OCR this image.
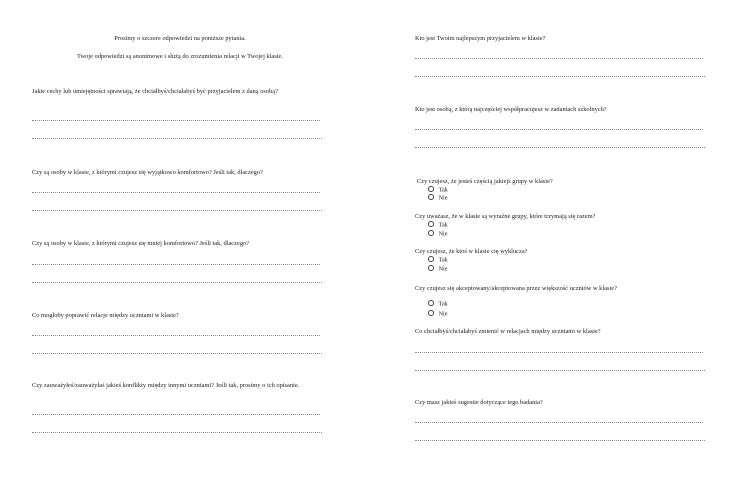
Prosimy o szczere odpowiedzi na poniższe pytania.
Twoje odpowiedzi są anonimowe i służą do zrozumienia relacji w Twojej klasie.
Jakie cechy lub umiejętności sprawiają, że chciałbyś/chciałabyś być przyjacielem z daną osobą?
Czy są osoby w klasie, z którymi czujesz się wyjątkowo komfortowo? Jeśli tak, dlaczego?
Czy są osoby w klasie, z którymi czujesz się mniej komfortowo? Jeśli tak, dlaczego?
Co mogłoby poprawić relacje między uczniami w klasie?
Czy zauważyłeś/zauważyłaś jakieś konflikty między innymi uczniami? Jeśli tak, prosimy o ich opisanie.
Kto jest Twoim najlepszym przyjacielem w klasie?
Kto jest osobą, z którą najczęściej współpracujesz w zadaniach szkolnych?
Czy czujesz, że jesteś częścią jakiejś grupy w klasie?
Tak
Nie
Czy uważasz, że w klasie są wyraźne grupy, które trzymają się razem?
Tak
Nie
Czy czujesz, że ktoś w klasie cię wyklucza?
Tak
Nie
Czy czujesz się akceptowany/akceptowana przez większość uczniów w klasie?
Tak
Nie
Co chciałbyś/chciałabyś zmienić w relacjach między uczniami w klasie?
Czy masz jakieś sugestie dotyczące tego badania?
